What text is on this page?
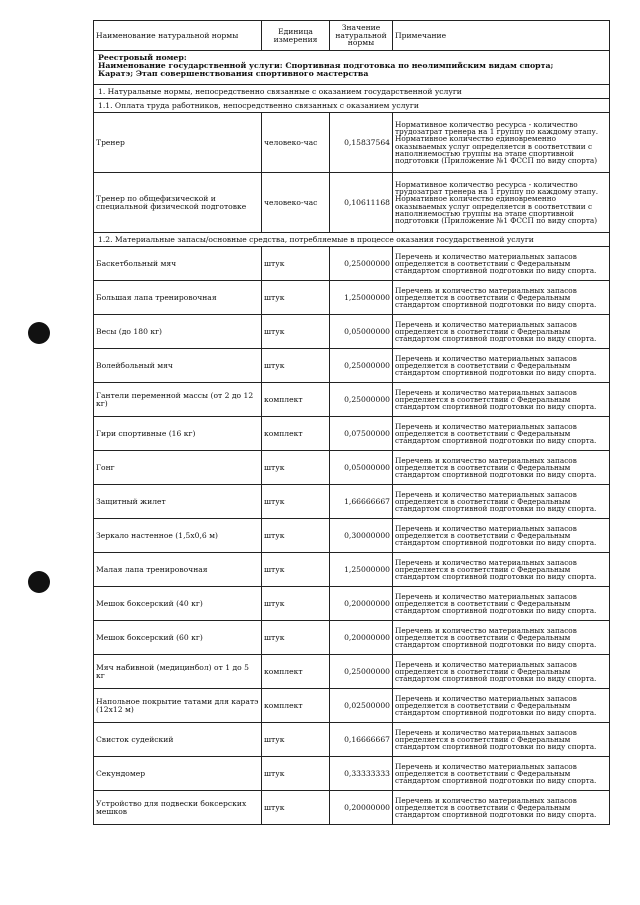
Наименование натуральной нормы	Единица измерения	Значение натуральной нормы	Примечание

Реестровый номер:
Наименование государственной услуги: Спортивная подготовка по неолимпийским видам спорта;
Каратэ; Этап совершенствования спортивного мастерства			

1. Натуральные нормы, непосредственно связанные с оказанием государственной услуги			
1.1. Оплата труда работников, непосредственно связанных с оказанием услуги			
Тренер	человеко-час	0,15837564	Нормативное количество ресурса - количество трудозатрат тренера на 1 группу по каждому этапу. Нормативное количество единовременно оказываемых услуг определяется в соответствии с наполняемостью группы на этапе спортивной подготовки (Приложение №1 ФССП по виду спорта)
Тренер по общефизической и специальной физической подготовке	человеко-час	0,10611168	Нормативное количество ресурса - количество трудозатрат тренера на 1 группу по каждому этапу. Нормативное количество единовременно оказываемых услуг определяется в соответствии с наполняемостью группы на этапе спортивной подготовки (Приложение №1 ФССП по виду спорта)
1.2. Материальные запасы/основные средства, потребляемые в процессе оказания государственной услуги			
Баскетбольный мяч	штук	0,25000000	Перечень и количество материальных запасов определяется в соответствии с Федеральным стандартом спортивной подготовки по виду спорта.
Большая лапа тренировочная	штук	1,25000000	Перечень и количество материальных запасов определяется в соответствии с Федеральным стандартом спортивной подготовки по виду спорта.
Весы (до 180 кг)	штук	0,05000000	Перечень и количество материальных запасов определяется в соответствии с Федеральным стандартом спортивной подготовки по виду спорта.
Волейбольный мяч	штук	0,25000000	Перечень и количество материальных запасов определяется в соответствии с Федеральным стандартом спортивной подготовки по виду спорта.
Гантели переменной массы (от 2 до 12 кг)	комплект	0,25000000	Перечень и количество материальных запасов определяется в соответствии с Федеральным стандартом спортивной подготовки по виду спорта.
Гири спортивные (16 кг)	комплект	0,07500000	Перечень и количество материальных запасов определяется в соответствии с Федеральным стандартом спортивной подготовки по виду спорта.
Гонг	штук	0,05000000	Перечень и количество материальных запасов определяется в соответствии с Федеральным стандартом спортивной подготовки по виду спорта.
Защитный жилет	штук	1,66666667	Перечень и количество материальных запасов определяется в соответствии с Федеральным стандартом спортивной подготовки по виду спорта.
Зеркало настенное (1,5х0,6 м)	штук	0,30000000	Перечень и количество материальных запасов определяется в соответствии с Федеральным стандартом спортивной подготовки по виду спорта.
Малая лапа тренировочная	штук	1,25000000	Перечень и количество материальных запасов определяется в соответствии с Федеральным стандартом спортивной подготовки по виду спорта.
Мешок боксерский (40 кг)	штук	0,20000000	Перечень и количество материальных запасов определяется в соответствии с Федеральным стандартом спортивной подготовки по виду спорта.
Мешок боксерский (60 кг)	штук	0,20000000	Перечень и количество материальных запасов определяется в соответствии с Федеральным стандартом спортивной подготовки по виду спорта.
Мяч набивной (медицинбол) от 1 до 5 кг	комплект	0,25000000	Перечень и количество материальных запасов определяется в соответствии с Федеральным стандартом спортивной подготовки по виду спорта.
Напольное покрытие татами для каратэ (12х12 м)	комплект	0,02500000	Перечень и количество материальных запасов определяется в соответствии с Федеральным стандартом спортивной подготовки по виду спорта.
Свисток судейский	штук	0,16666667	Перечень и количество материальных запасов определяется в соответствии с Федеральным стандартом спортивной подготовки по виду спорта.
Секундомер	штук	0,33333333	Перечень и количество материальных запасов определяется в соответствии с Федеральным стандартом спортивной подготовки по виду спорта.
Устройство для подвески боксерских мешков	штук	0,20000000	Перечень и количество материальных запасов определяется в соответствии с Федеральным стандартом спортивной подготовки по виду спорта.
